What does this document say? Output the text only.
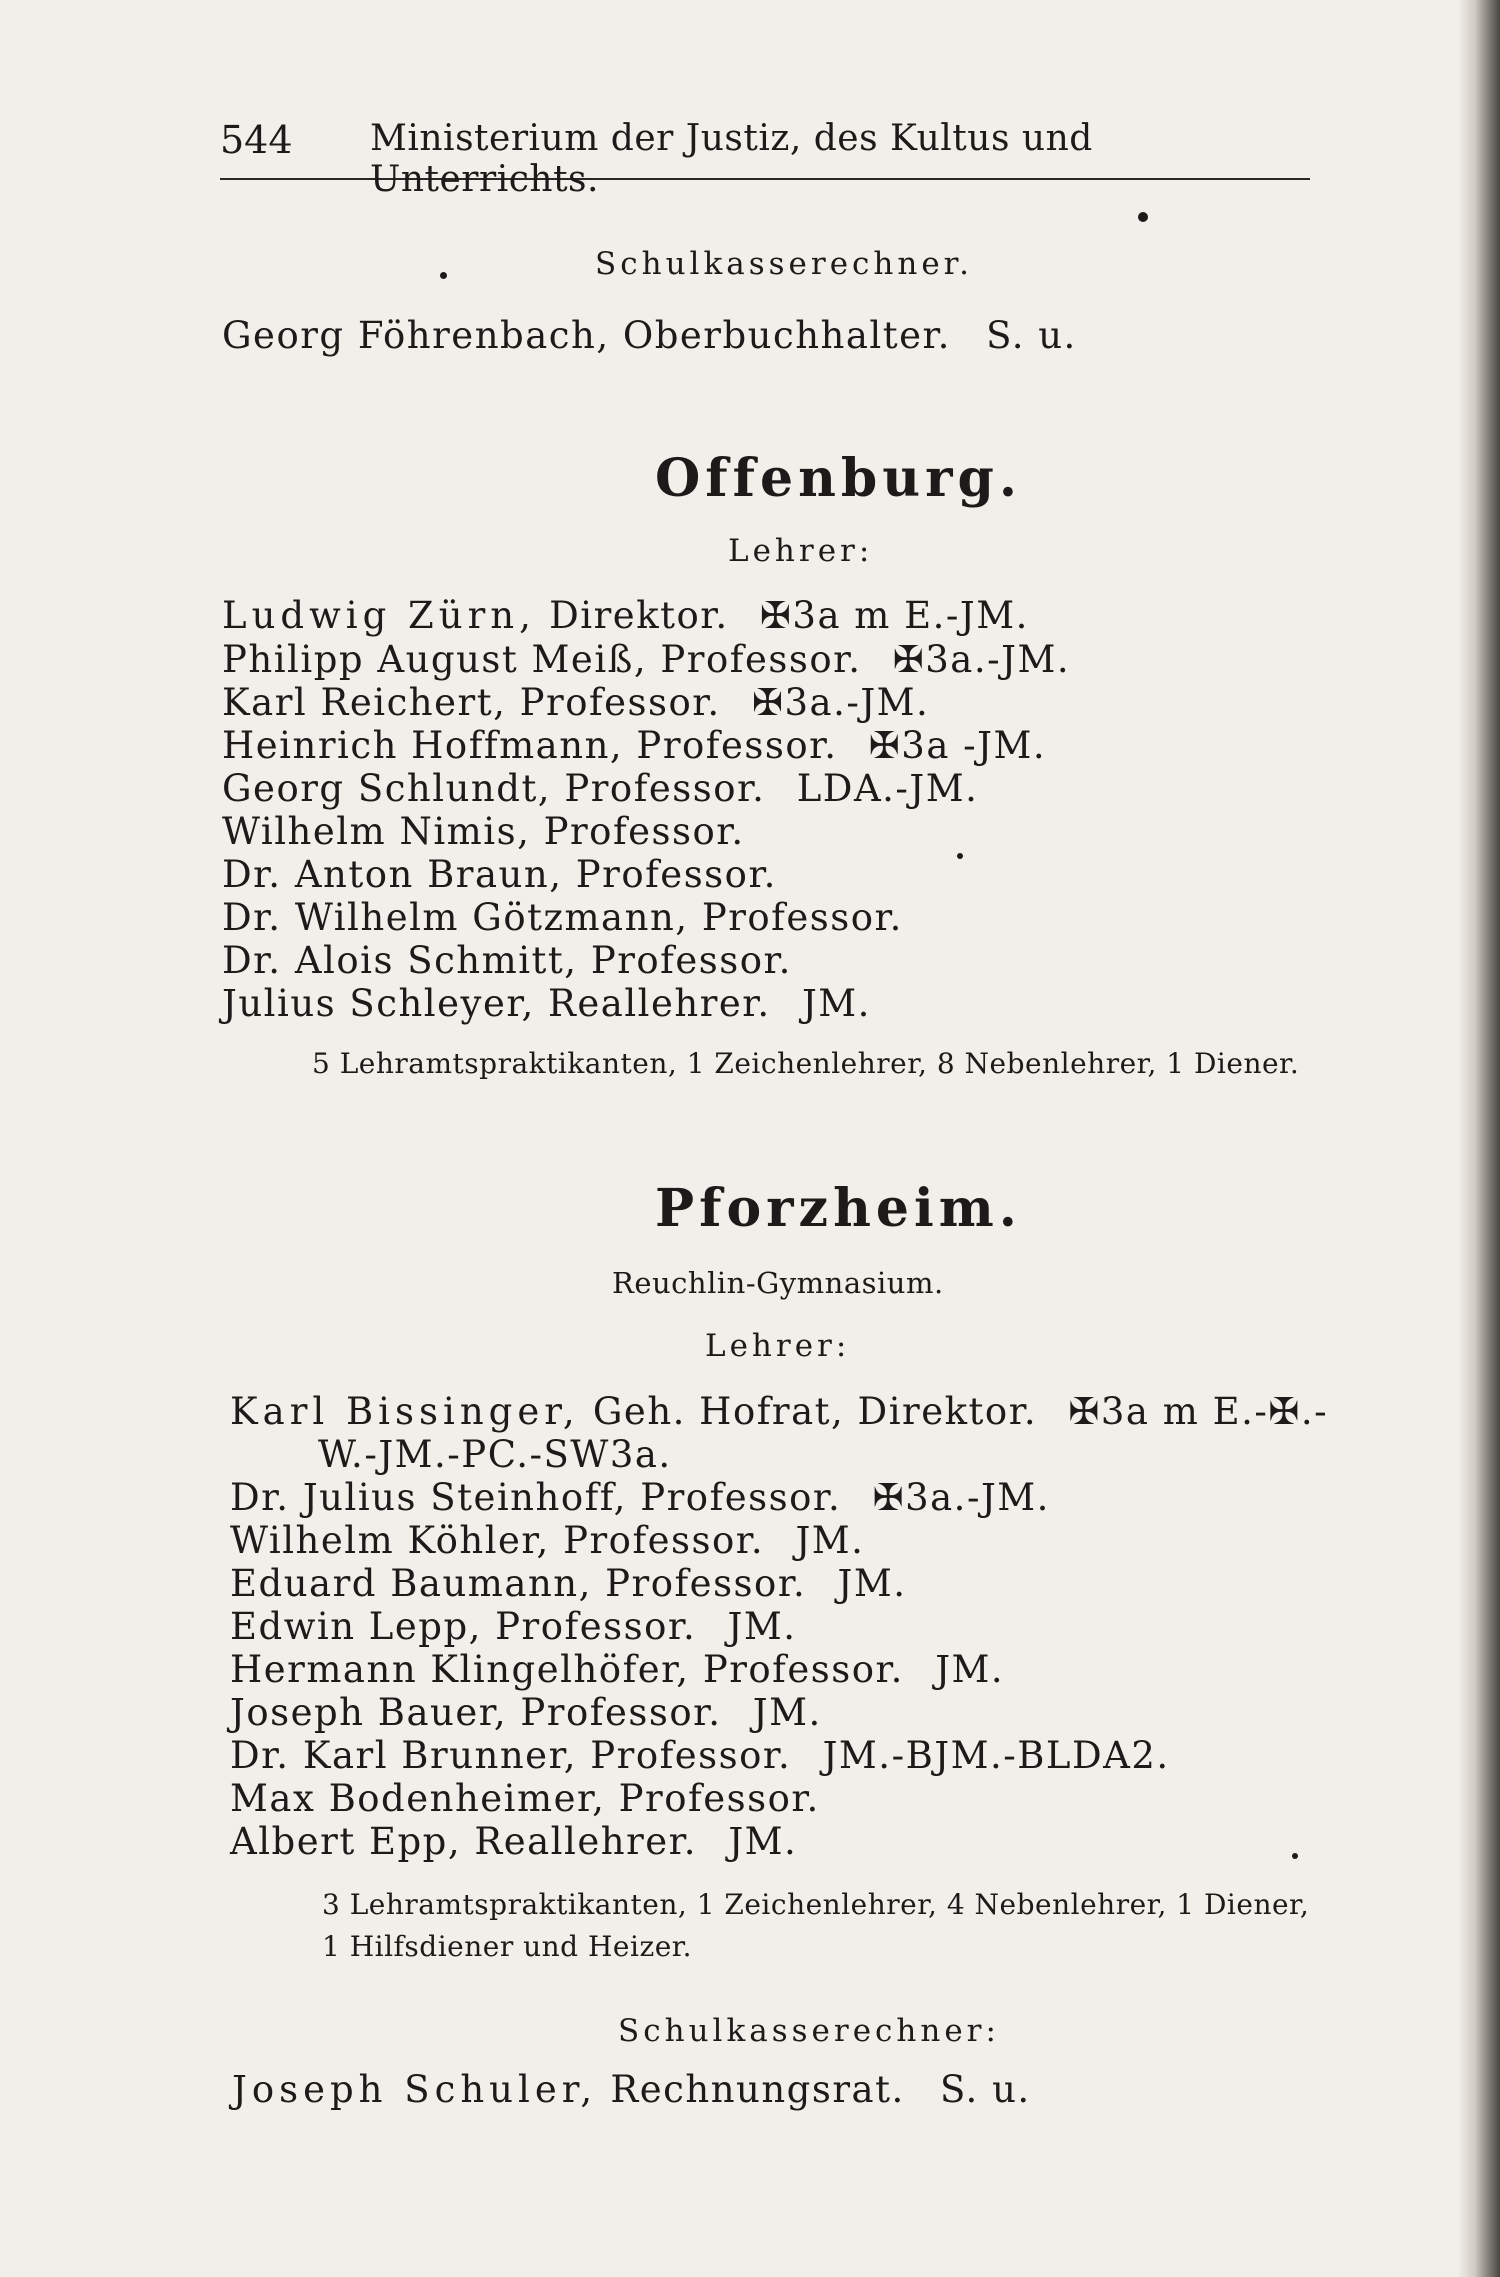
544 Ministerium der Justiz, des Kultus und Unterrichts.
Schulkasserechner.
Georg Föhrenbach, Oberbuchhalter. S. u.
Offenburg.
Lehrer:
Ludwig Zürn, Direktor. ✠3a m E.-JM.
Philipp August Meiß, Professor. ✠3a.-JM.
Karl Reichert, Professor. ✠3a.-JM.
Heinrich Hoffmann, Professor. ✠3a -JM.
Georg Schlundt, Professor. LDA.-JM.
Wilhelm Nimis, Professor.
Dr. Anton Braun, Professor.
Dr. Wilhelm Götzmann, Professor.
Dr. Alois Schmitt, Professor.
Julius Schleyer, Reallehrer. JM.
5 Lehramtspraktikanten, 1 Zeichenlehrer, 8 Nebenlehrer, 1 Diener.
Pforzheim.
Reuchlin-Gymnasium.
Lehrer:
Karl Bissinger, Geh. Hofrat, Direktor. ✠3a m E.-✠.-
W.-JM.-PC.-SW3a.
Dr. Julius Steinhoff, Professor. ✠3a.-JM.
Wilhelm Köhler, Professor. JM.
Eduard Baumann, Professor. JM.
Edwin Lepp, Professor. JM.
Hermann Klingelhöfer, Professor. JM.
Joseph Bauer, Professor. JM.
Dr. Karl Brunner, Professor. JM.-BJM.-BLDA2.
Max Bodenheimer, Professor.
Albert Epp, Reallehrer. JM.
3 Lehramtspraktikanten, 1 Zeichenlehrer, 4 Nebenlehrer, 1 Diener,
1 Hilfsdiener und Heizer.
Schulkasserechner:
Joseph Schuler, Rechnungsrat. S. u.
